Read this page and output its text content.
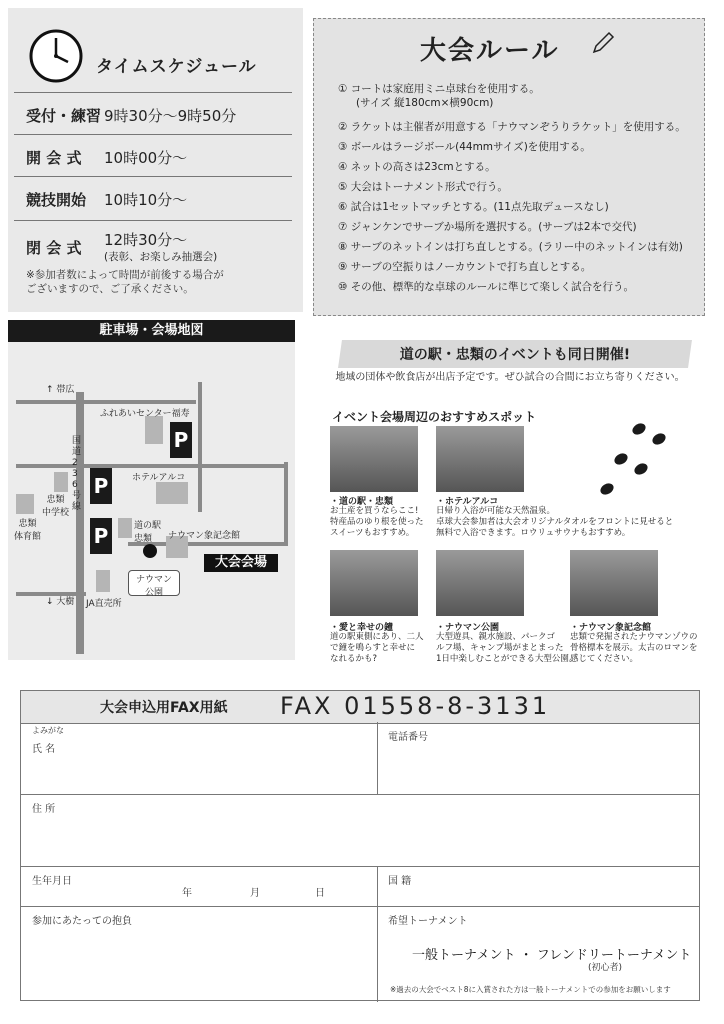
タイムスケジュール
受付・練習 9時30分～9時50分
開 会 式 10時00分～
競技開始 10時10分～
閉 会 式 12時30分～
(表彰、お楽しみ抽選会)
※参加者数によって時間が前後する場合が
ございますので、ご了承ください。
駐車場・会場地図
P
P
P
大会会場
↑ 帯広
↓ 大樹
国道236号線
ふれあいセンター福寿
ホテルアルコ
忠類
中学校
忠類
体育館
道の駅
忠類	ナウマン象記念館
ナウマン
公園
JA直売所
大会ルール
① コートは家庭用ミニ卓球台を使用する。
(サイズ 縦180cm×横90cm)
② ラケットは主催者が用意する「ナウマンぞうりラケット」を使用する。
③ ボールはラージボール(44mmサイズ)を使用する。
④ ネットの高さは23cmとする。
⑤ 大会はトーナメント形式で行う。
⑥ 試合は1セットマッチとする。(11点先取デュースなし)
⑦ ジャンケンでサーブか場所を選択する。(サーブは2本で交代)
⑧ サーブのネットインは打ち直しとする。(ラリー中のネットインは有効)
⑨ サーブの空振りはノーカウントで打ち直しとする。
⑩ その他、標準的な卓球のルールに準じて楽しく試合を行う。
道の駅・忠類のイベントも同日開催!
地域の団体や飲食店が出店予定です。ぜひ試合の合間にお立ち寄りください。
イベント会場周辺のおすすめスポット
・道の駅・忠類
お土産を買うならここ!
特産品のゆり根を使った
スイーツもおすすめ。
・ホテルアルコ
日帰り入浴が可能な天然温泉。
卓球大会参加者は大会オリジナルタオルをフロントに見せると
無料で入浴できます。ロウリュサウナもおすすめ。
・愛と幸せの鐘
道の駅東側にあり、二人
で鐘を鳴らすと幸せに
なれるかも?
・ナウマン公園
大型遊具、親水施設、パークゴ
ルフ場、キャンプ場がまとまった
1日中楽しむことができる大型公園。
・ナウマン象記念館
忠類で発掘されたナウマンゾウの
骨格標本を展示。太古のロマンを
感じてください。
大会申込用FAX用紙 FAX 01558-8-3131
よみがな
氏 名
電話番号
住 所
生年月日
年	月	日
国 籍
参加にあたっての抱負	希望トーナメント
一般トーナメント ・ フレンドリートーナメント
(初心者)
※過去の大会でベスト8に入賞された方は一般トーナメントでの参加をお願いします
